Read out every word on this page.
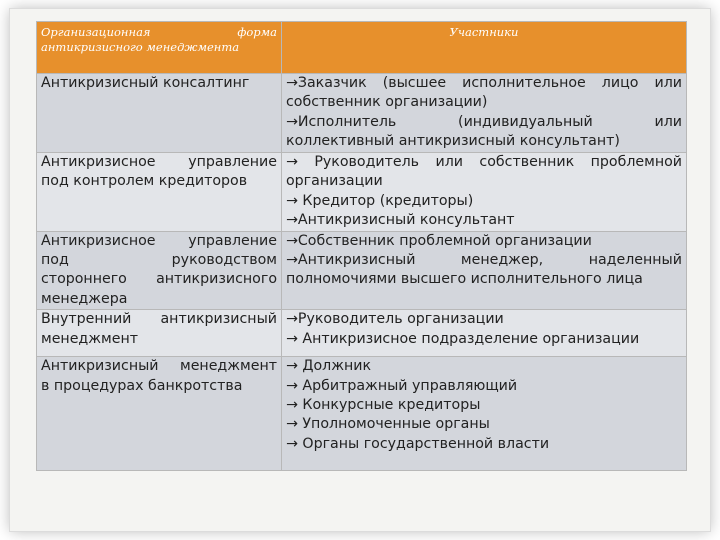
Организационная форма
антикризисного менеджмента	Участники

Антикризисный консалтинг	→Заказчик (высшее исполнительное лицо или
собственник организации)
→Исполнитель (индивидуальный или
коллективный антикризисный консультант)

Антикризисное управление
под контролем кредиторов	→ Руководитель или собственник проблемной
организации
→ Кредитор (кредиторы)
→Антикризисный консультант

Антикризисное управление
под руководством
стороннего антикризисного
менеджера	→Собственник проблемной организации
→Антикризисный менеджер, наделенный
полномочиями высшего исполнительного лица

Внутренний антикризисный
менеджмент	→Руководитель организации
→ Антикризисное подразделение организации

Антикризисный менеджмент
в процедурах банкротства	→ Должник
→ Арбитражный управляющий
→ Конкурсные кредиторы
→ Уполномоченные органы
→ Органы государственной власти
